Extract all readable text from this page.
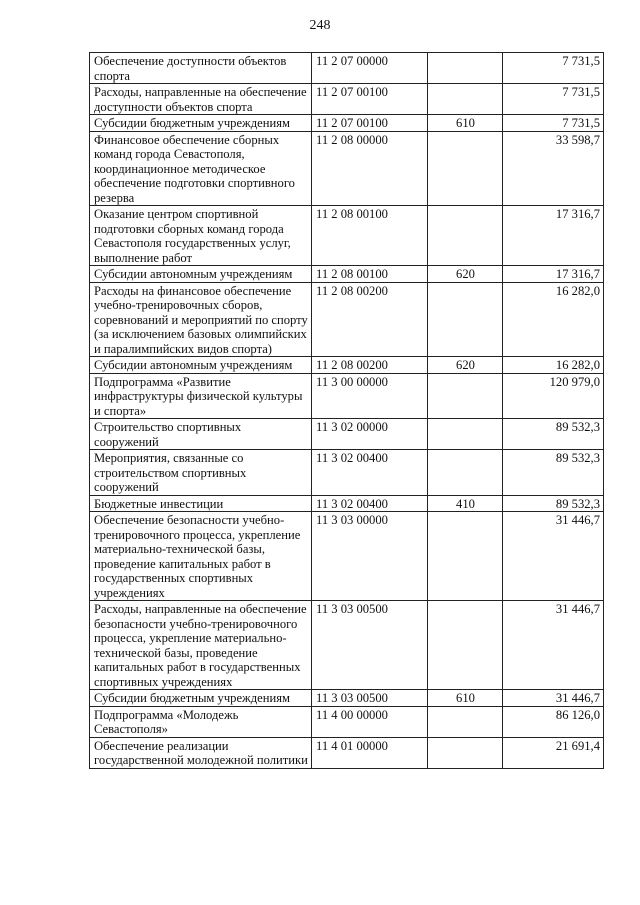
248
Обеспечение доступности объектов спорта	11 2 07 00000		7 731,5
Расходы, направленные на обеспечение доступности объектов спорта	11 2 07 00100		7 731,5
Субсидии бюджетным учреждениям	11 2 07 00100	610	7 731,5
Финансовое обеспечение сборных команд города Севастополя, координационное методическое обеспечение подготовки спортивного резерва	11 2 08 00000		33 598,7
Оказание центром спортивной подготовки сборных команд города Севастополя государственных услуг, выполнение работ	11 2 08 00100		17 316,7
Субсидии автономным учреждениям	11 2 08 00100	620	17 316,7
Расходы на финансовое обеспечение учебно-тренировочных сборов, соревнований и мероприятий по спорту (за исключением базовых олимпийских и паралимпийских видов спорта)	11 2 08 00200		16 282,0
Субсидии автономным учреждениям	11 2 08 00200	620	16 282,0
Подпрограмма «Развитие инфраструктуры физической культуры и спорта»	11 3 00 00000		120 979,0
Строительство спортивных сооружений	11 3 02 00000		89 532,3
Мероприятия, связанные со строительством спортивных сооружений	11 3 02 00400		89 532,3
Бюджетные инвестиции	11 3 02 00400	410	89 532,3
Обеспечение безопасности учебно-тренировочного процесса, укрепление материально-технической базы, проведение капитальных работ в государственных спортивных учреждениях	11 3 03 00000		31 446,7
Расходы, направленные на обеспечение безопасности учебно-тренировочного процесса, укрепление материально-технической базы, проведение капитальных работ в государственных спортивных учреждениях	11 3 03 00500		31 446,7
Субсидии бюджетным учреждениям	11 3 03 00500	610	31 446,7
Подпрограмма «Молодежь Севастополя»	11 4 00 00000		86 126,0
Обеспечение реализации государственной молодежной политики	11 4 01 00000		21 691,4
